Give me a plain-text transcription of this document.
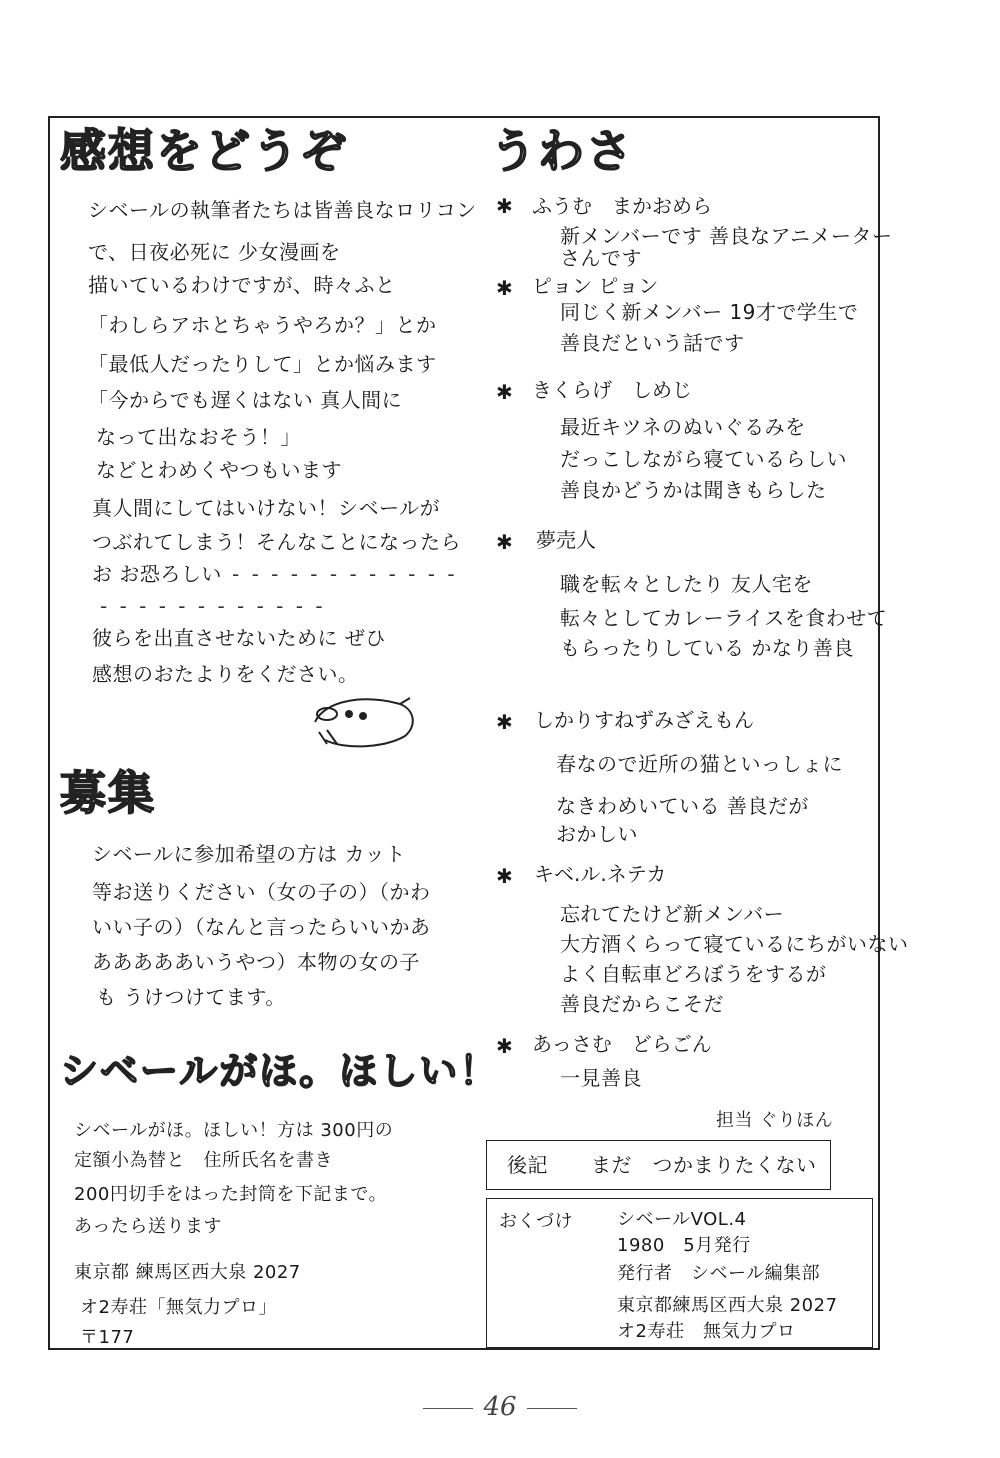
感想をどうぞ
シベールの執筆者たちは皆善良なロリコン
で、日夜必死に 少女漫画を
描いているわけですが、時々ふと
「わしらアホとちゃうやろか？」とか
「最低人だったりして」とか悩みます
「今からでも遅くはない 真人間に
なって出なおそう！」
などとわめくやつもいます
真人間にしてはいけない！シベールが
つぶれてしまう！そんなことになったら
お お恐ろしい - - - - - - - - - - - -
- - - - - - - - - - - -
彼らを出直させないために ぜひ
感想のおたよりをください。
募集
シベールに参加希望の方は カット
等お送りください（女の子の）（かわ
いい子の）（なんと言ったらいいかあ
あああああいうやつ）本物の女の子
も うけつけてます。
シベールがほ。ほしい！
シベールがほ。ほしい！方は 300円の
定額小為替と　住所氏名を書き
200円切手をはった封筒を下記まで。
あったら送ります
東京都 練馬区西大泉 2027
オ2寿荘「無気力プロ」
〒177
うわさ
✱ ふうむ　まかおめら
新メンバーです 善良なアニメーター
さんです
✱ ピョン ピョン
同じく新メンバー 19才で学生で
善良だという話です
✱ きくらげ　しめじ
最近キツネのぬいぐるみを
だっこしながら寝ているらしい
善良かどうかは聞きもらした
✱ 夢売人
職を転々としたり 友人宅を
転々としてカレーライスを食わせて
もらったりしている かなり善良
✱ しかりすねずみざえもん
春なので近所の猫といっしょに
なきわめいている 善良だが
おかしい
✱ キベ.ル.ネテカ
忘れてたけど新メンバー
大方酒くらって寝ているにちがいない
よく自転車どろぼうをするが
善良だからこそだ
✱ あっさむ　どらごん
一見善良
担当 ぐりほん
後記 まだ　つかまりたくない
おくづけ シベールVOL.4
1980　5月発行
発行者　シベール編集部
東京都練馬区西大泉 2027
オ2寿荘　無気力プロ
46
